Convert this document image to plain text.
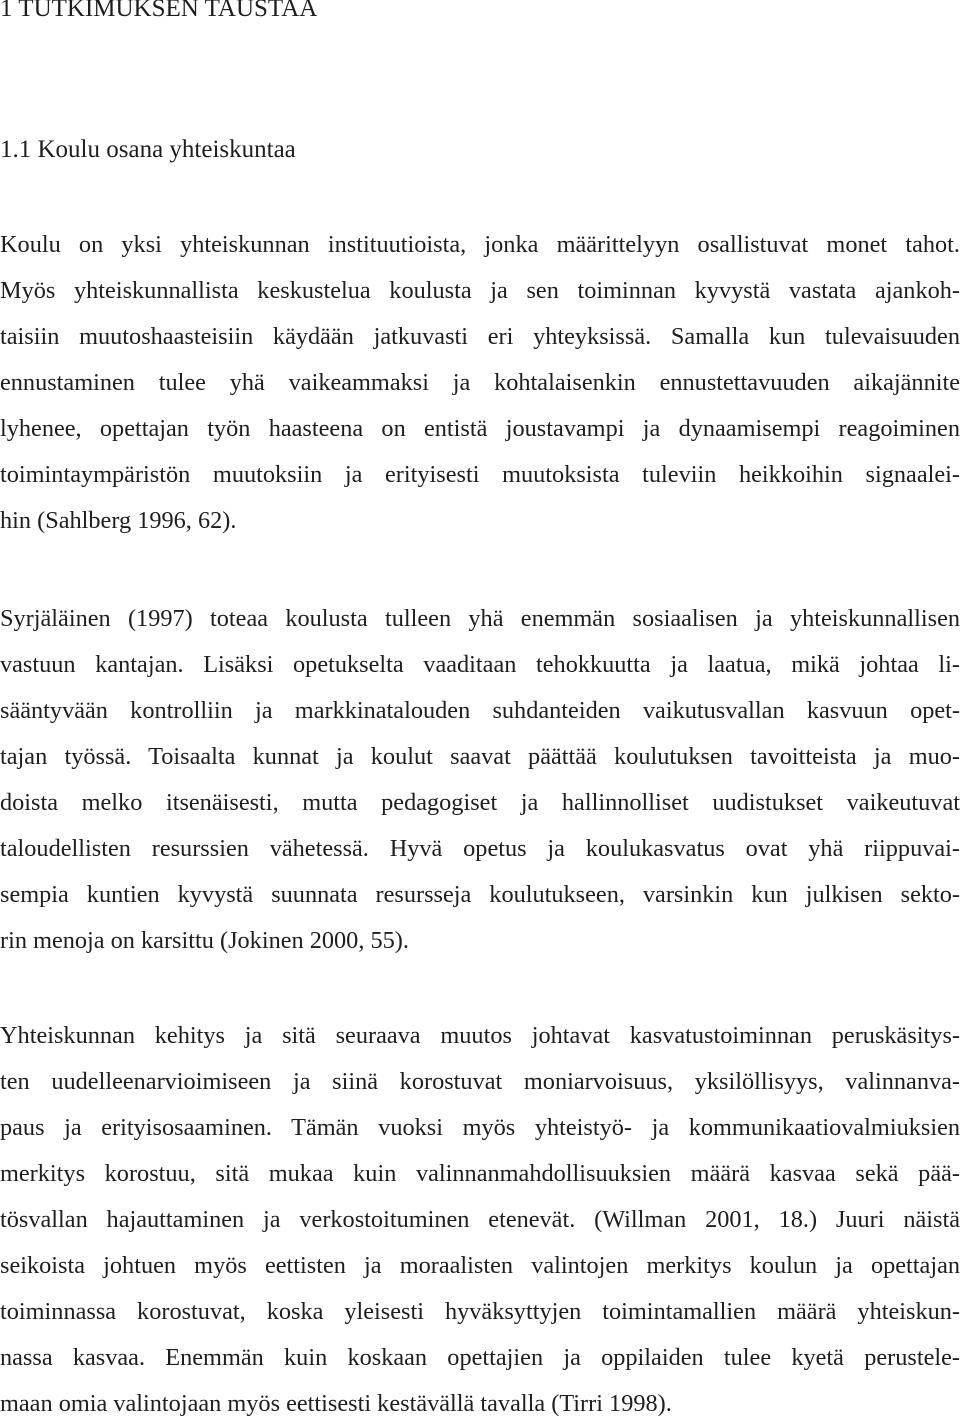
1 TUTKIMUKSEN TAUSTAA
1.1 Koulu osana yhteiskuntaa
Koulu on yksi yhteiskunnan instituutioista, jonka määrittelyyn osallistuvat monet tahot.
Myös yhteiskunnallista keskustelua koulusta ja sen toiminnan kyvystä vastata ajankoh-
taisiin muutoshaasteisiin käydään jatkuvasti eri yhteyksissä. Samalla kun tulevaisuuden
ennustaminen tulee yhä vaikeammaksi ja kohtalaisenkin ennustettavuuden aikajännite
lyhenee, opettajan työn haasteena on entistä joustavampi ja dynaamisempi reagoiminen
toimintaympäristön muutoksiin ja erityisesti muutoksista tuleviin heikkoihin signaalei-
hin (Sahlberg 1996, 62).
Syrjäläinen (1997) toteaa koulusta tulleen yhä enemmän sosiaalisen ja yhteiskunnallisen
vastuun kantajan. Lisäksi opetukselta vaaditaan tehokkuutta ja laatua, mikä johtaa li-
sääntyvään kontrolliin ja markkinatalouden suhdanteiden vaikutusvallan kasvuun opet-
tajan työssä. Toisaalta kunnat ja koulut saavat päättää koulutuksen tavoitteista ja muo-
doista melko itsenäisesti, mutta pedagogiset ja hallinnolliset uudistukset vaikeutuvat
taloudellisten resurssien vähetessä. Hyvä opetus ja koulukasvatus ovat yhä riippuvai-
sempia kuntien kyvystä suunnata resursseja koulutukseen, varsinkin kun julkisen sekto-
rin menoja on karsittu (Jokinen 2000, 55).
Yhteiskunnan kehitys ja sitä seuraava muutos johtavat kasvatustoiminnan peruskäsitys-
ten uudelleenarvioimiseen ja siinä korostuvat moniarvoisuus, yksilöllisyys, valinnanva-
paus ja erityisosaaminen. Tämän vuoksi myös yhteistyö- ja kommunikaatiovalmiuksien
merkitys korostuu, sitä mukaa kuin valinnanmahdollisuuksien määrä kasvaa sekä pää-
tösvallan hajauttaminen ja verkostoituminen etenevät. (Willman 2001, 18.) Juuri näistä
seikoista johtuen myös eettisten ja moraalisten valintojen merkitys koulun ja opettajan
toiminnassa korostuvat, koska yleisesti hyväksyttyjen toimintamallien määrä yhteiskun-
nassa kasvaa. Enemmän kuin koskaan opettajien ja oppilaiden tulee kyetä perustele-
maan omia valintojaan myös eettisesti kestävällä tavalla (Tirri 1998).
